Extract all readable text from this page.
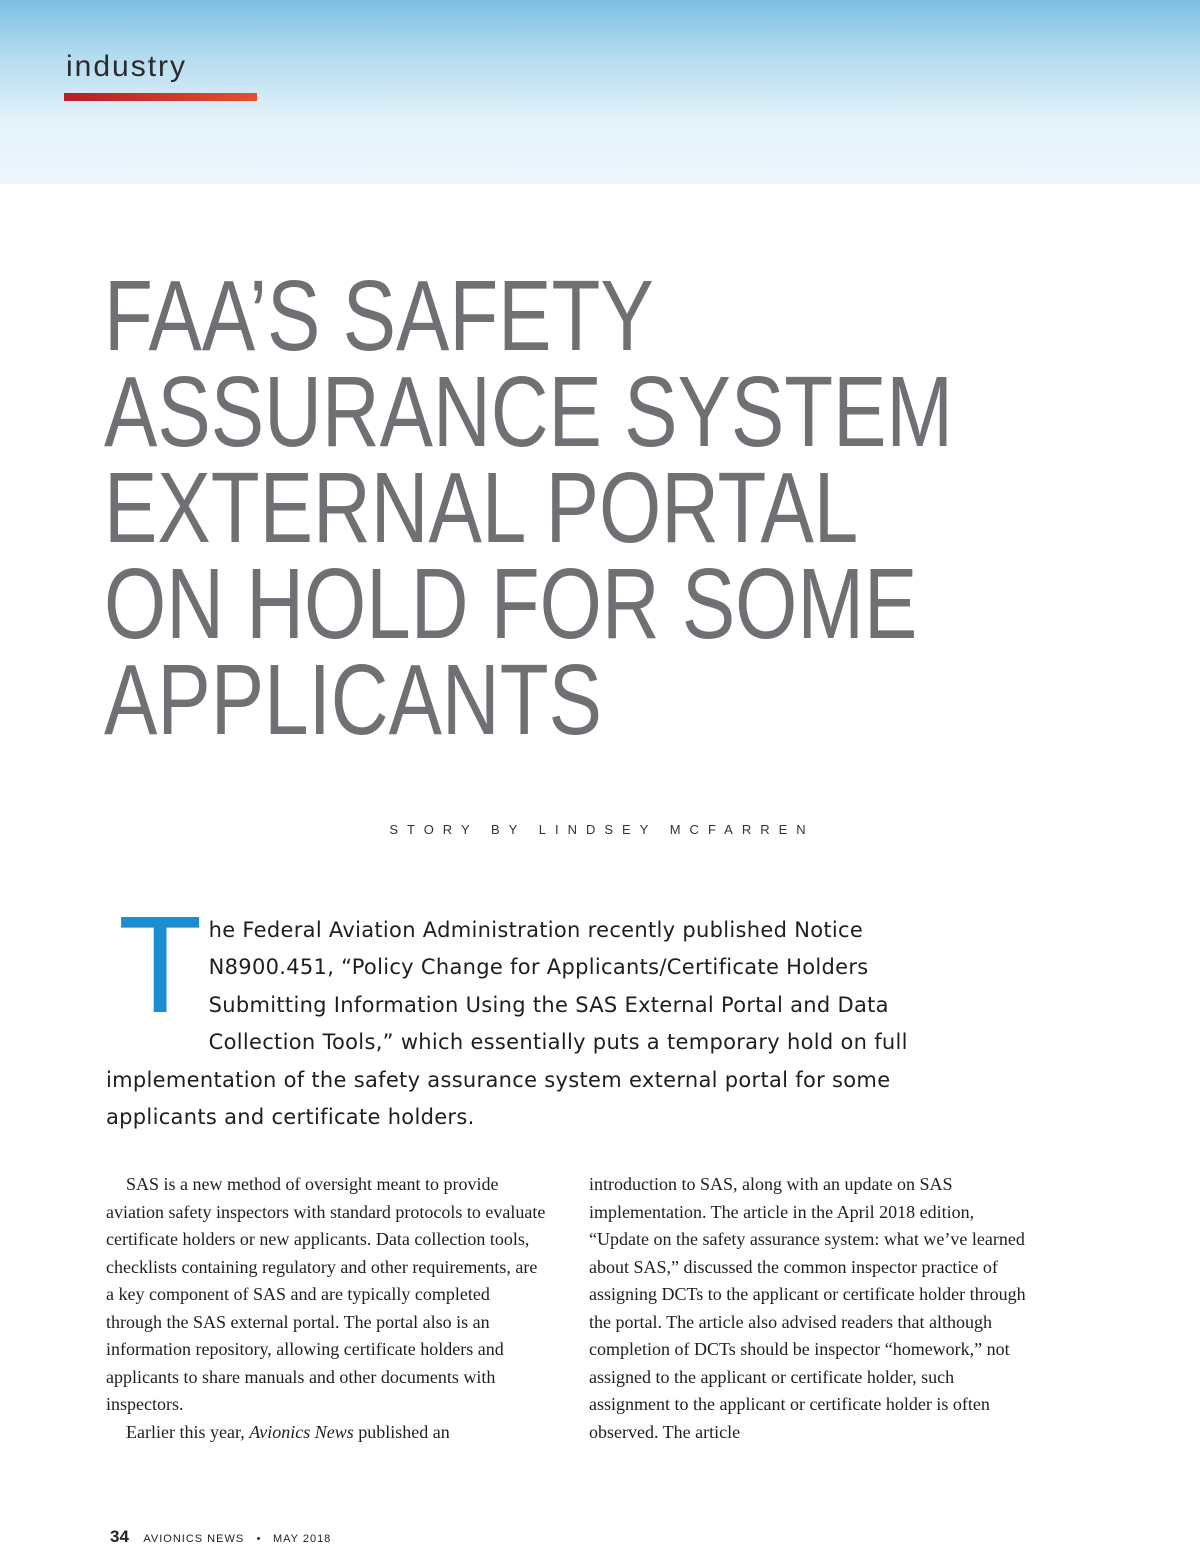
industry
FAA’S SAFETY
ASSURANCE SYSTEM
EXTERNAL PORTAL
ON HOLD FOR SOME
APPLICANTS
STORY BY LINDSEY MCFARREN
T he Federal Aviation Administration recently published Notice N8900.451, “Policy Change for Applicants/Certificate Holders Submitting Information Using the SAS External Portal and Data Collection Tools,” which essentially puts a temporary hold on full implementation of the safety assurance system external portal for some applicants and certificate holders.

SAS is a new method of oversight meant to provide aviation safety inspectors with standard protocols to evaluate certificate holders or new applicants. Data collection tools, checklists containing regulatory and other requirements, are a key component of SAS and are typically completed through the SAS external portal. The portal also is an information repository, allowing certificate holders and applicants to share manuals and other documents with inspectors.

Earlier this year, Avionics News published an

introduction to SAS, along with an update on SAS implementation. The article in the April 2018 edition, “Update on the safety assurance system: what we’ve learned about SAS,” discussed the common inspector practice of assigning DCTs to the applicant or certificate holder through the portal. The article also advised readers that although completion of DCTs should be inspector “homework,” not assigned to the applicant or certificate holder, such assignment to the applicant or certificate holder is often observed. The article

34 AVIONICS NEWS • MAY 2018
